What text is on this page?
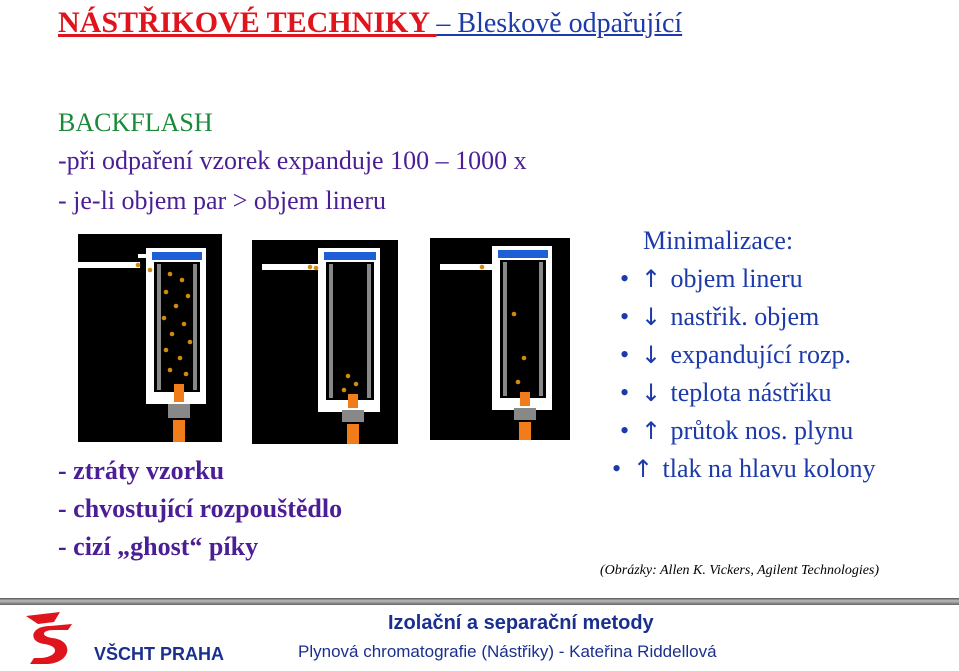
NÁSTŘIKOVÉ TECHNIKY – Bleskově odpařující
BACKFLASH
-při odpaření vzorek expanduje 100 – 1000 x
- je-li objem par > objem lineru
- ztráty vzorku
- chvostující rozpouštědlo
- cizí „ghost“ píky
Minimalizace:
• ↑ objem lineru
• ↓ nastřik. objem
• ↓ expandující rozp.
• ↓ teplota nástřiku
• ↑ průtok nos. plynu
• ↑ tlak na hlavu kolony
(Obrázky: Allen K. Vickers, Agilent Technologies)
VŠCHT PRAHA
Izolační a separační metody
Plynová chromatografie (Nástřiky) - Kateřina Riddellová
